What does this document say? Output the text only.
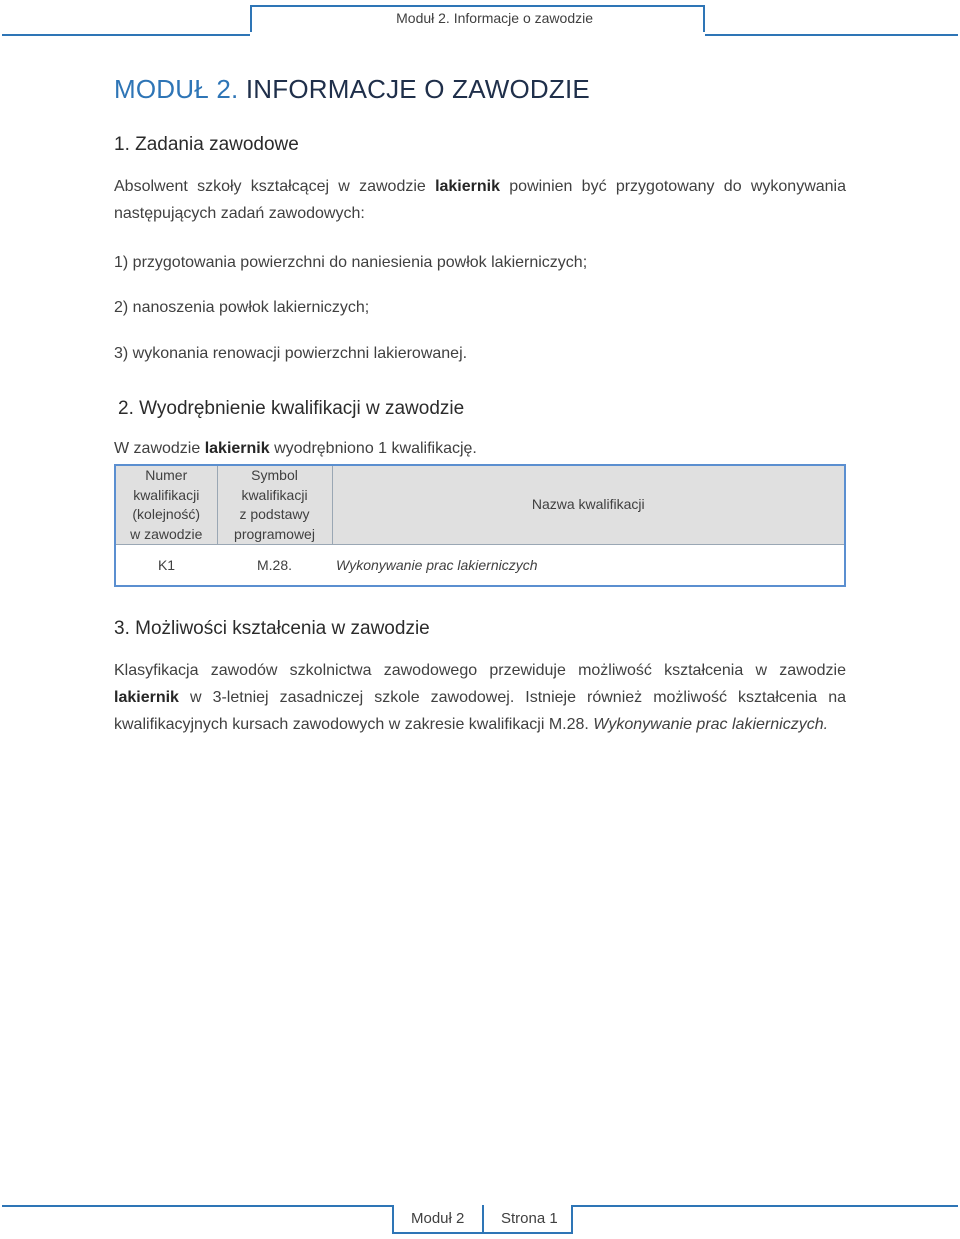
Moduł 2. Informacje o zawodzie
MODUŁ 2. INFORMACJE O ZAWODZIE
1. Zadania zawodowe
Absolwent szkoły kształcącej w zawodzie lakiernik powinien być przygotowany do wykonywania następujących zadań zawodowych:
1) przygotowania powierzchni do naniesienia powłok lakierniczych;
2) nanoszenia powłok lakierniczych;
3) wykonania renowacji powierzchni lakierowanej.
2. Wyodrębnienie kwalifikacji w zawodzie
W zawodzie lakiernik wyodrębniono 1 kwalifikację.
Numer
kwalifikacji
(kolejność)
w zawodzie	Symbol
kwalifikacji
z podstawy
programowej	Nazwa kwalifikacji
K1	M.28.	Wykonywanie prac lakierniczych
3. Możliwości kształcenia w zawodzie
Klasyfikacja zawodów szkolnictwa zawodowego przewiduje możliwość kształcenia w zawodzie lakiernik w 3-letniej zasadniczej szkole zawodowej. Istnieje również możliwość kształcenia na kwalifikacyjnych kursach zawodowych w zakresie kwalifikacji M.28. Wykonywanie prac lakierniczych.
Moduł 2 Strona 1
